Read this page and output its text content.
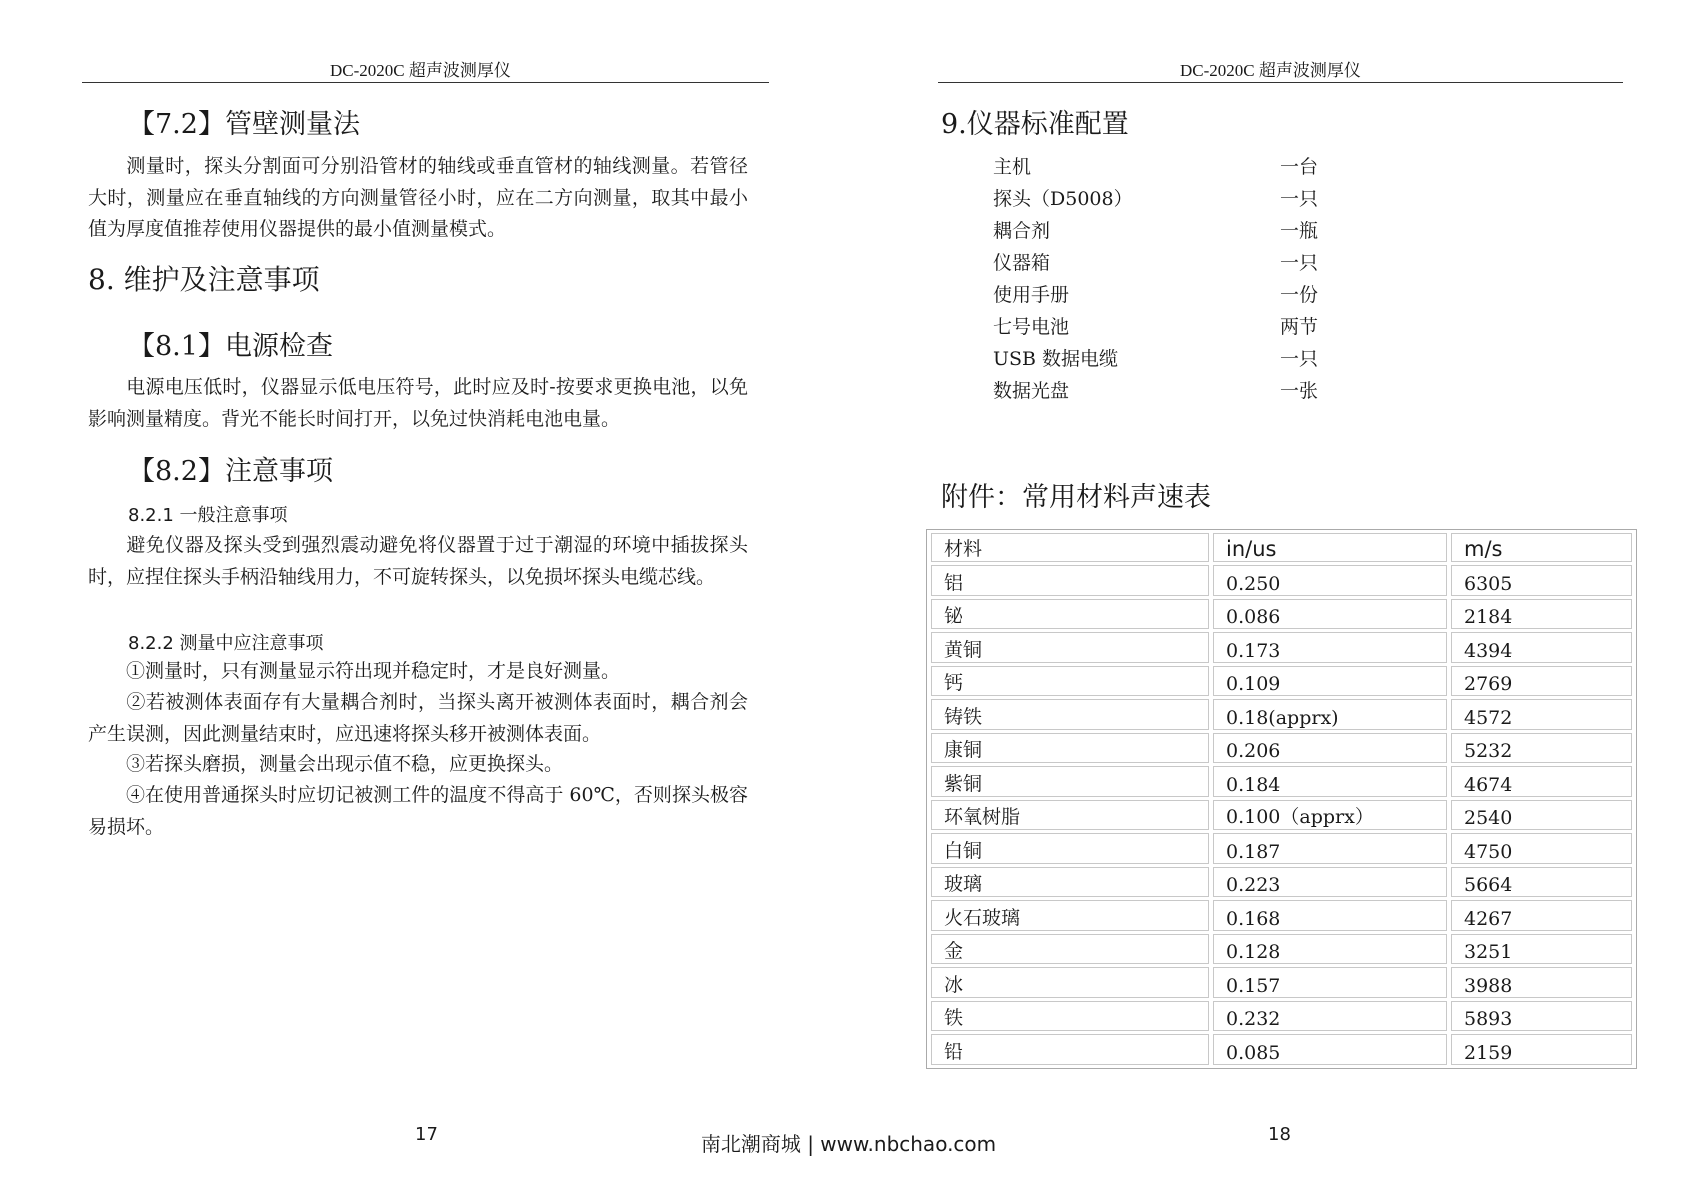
DC-2020C 超声波测厚仪
【7.2】管壁测量法

测量时，探头分割面可分别沿管材的轴线或垂直管材的轴线测量。若管径大时，测量应在垂直轴线的方向测量管径小时，应在二方向测量，取其中最小值为厚度值推荐使用仪器提供的最小值测量模式。

8. 维护及注意事项
【8.1】电源检查

电源电压低时，仪器显示低电压符号，此时应及时-按要求更换电池，以免影响测量精度。背光不能长时间打开，以免过快消耗电池电量。

【8.2】注意事项
8.2.1 一般注意事项

避免仪器及探头受到强烈震动避免将仪器置于过于潮湿的环境中插拔探头时，应捏住探头手柄沿轴线用力，不可旋转探头，以免损坏探头电缆芯线。

8.2.2 测量中应注意事项

①测量时，只有测量显示符出现并稳定时，才是良好测量。

②若被测体表面存有大量耦合剂时，当探头离开被测体表面时，耦合剂会产生误测，因此测量结束时，应迅速将探头移开被测体表面。

③若探头磨损，测量会出现示值不稳，应更换探头。

④在使用普通探头时应切记被测工件的温度不得高于 60℃，否则探头极容易损坏。

17
DC-2020C 超声波测厚仪
9.仪器标准配置
主机	一台
探头（D5008）	一只
耦合剂	一瓶
仪器箱	一只
使用手册	一份
七号电池	两节
USB 数据电缆	一只
数据光盘	一张
附件：常用材料声速表
18
材料	in/us	m/s
铝	0.250	6305
铋	0.086	2184
黄铜	0.173	4394
钙	0.109	2769
铸铁	0.18(apprx)	4572
康铜	0.206	5232
紫铜	0.184	4674
环氧树脂	0.100（apprx）	2540
白铜	0.187	4750
玻璃	0.223	5664
火石玻璃	0.168	4267
金	0.128	3251
冰	0.157	3988
铁	0.232	5893
铅	0.085	2159
南北潮商城 | www.nbchao.com
